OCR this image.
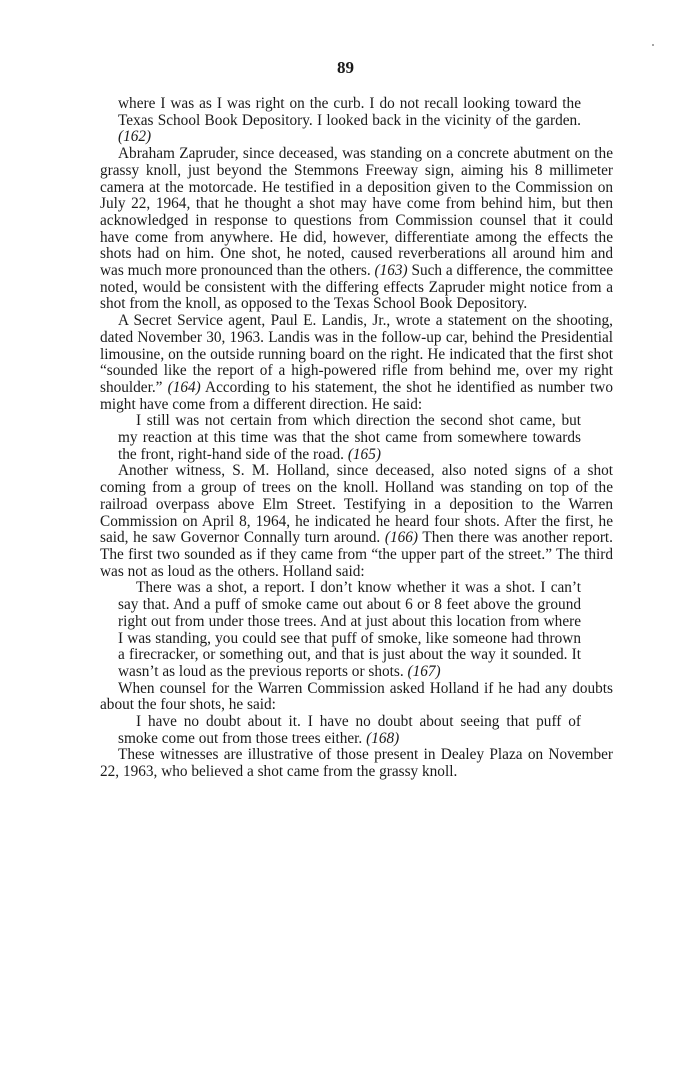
89

where I was as I was right on the curb. I do not recall looking toward the Texas School Book Depository. I looked back in the vicinity of the garden. (162)

Abraham Zapruder, since deceased, was standing on a concrete abutment on the grassy knoll, just beyond the Stemmons Freeway sign, aiming his 8 millimeter camera at the motorcade. He testified in a deposition given to the Commission on July 22, 1964, that he thought a shot may have come from behind him, but then acknowledged in response to questions from Commission counsel that it could have come from anywhere. He did, however, differentiate among the effects the shots had on him. One shot, he noted, caused reverberations all around him and was much more pronounced than the others. (163) Such a difference, the committee noted, would be consistent with the differing effects Zapruder might notice from a shot from the knoll, as opposed to the Texas School Book Depository.

A Secret Service agent, Paul E. Landis, Jr., wrote a statement on the shooting, dated November 30, 1963. Landis was in the follow-up car, behind the Presidential limousine, on the outside running board on the right. He indicated that the first shot “sounded like the report of a high-powered rifle from behind me, over my right shoulder.” (164) According to his statement, the shot he identified as number two might have come from a different direction. He said:

I still was not certain from which direction the second shot came, but my reaction at this time was that the shot came from somewhere towards the front, right-hand side of the road. (165)

Another witness, S. M. Holland, since deceased, also noted signs of a shot coming from a group of trees on the knoll. Holland was standing on top of the railroad overpass above Elm Street. Testifying in a deposition to the Warren Commission on April 8, 1964, he indicated he heard four shots. After the first, he said, he saw Governor Connally turn around. (166) Then there was another report. The first two sounded as if they came from “the upper part of the street.” The third was not as loud as the others. Holland said:

There was a shot, a report. I don’t know whether it was a shot. I can’t say that. And a puff of smoke came out about 6 or 8 feet above the ground right out from under those trees. And at just about this location from where I was standing, you could see that puff of smoke, like someone had thrown a firecracker, or something out, and that is just about the way it sounded. It wasn’t as loud as the previous reports or shots. (167)

When counsel for the Warren Commission asked Holland if he had any doubts about the four shots, he said:

I have no doubt about it. I have no doubt about seeing that puff of smoke come out from those trees either. (168)

These witnesses are illustrative of those present in Dealey Plaza on November 22, 1963, who believed a shot came from the grassy knoll.
